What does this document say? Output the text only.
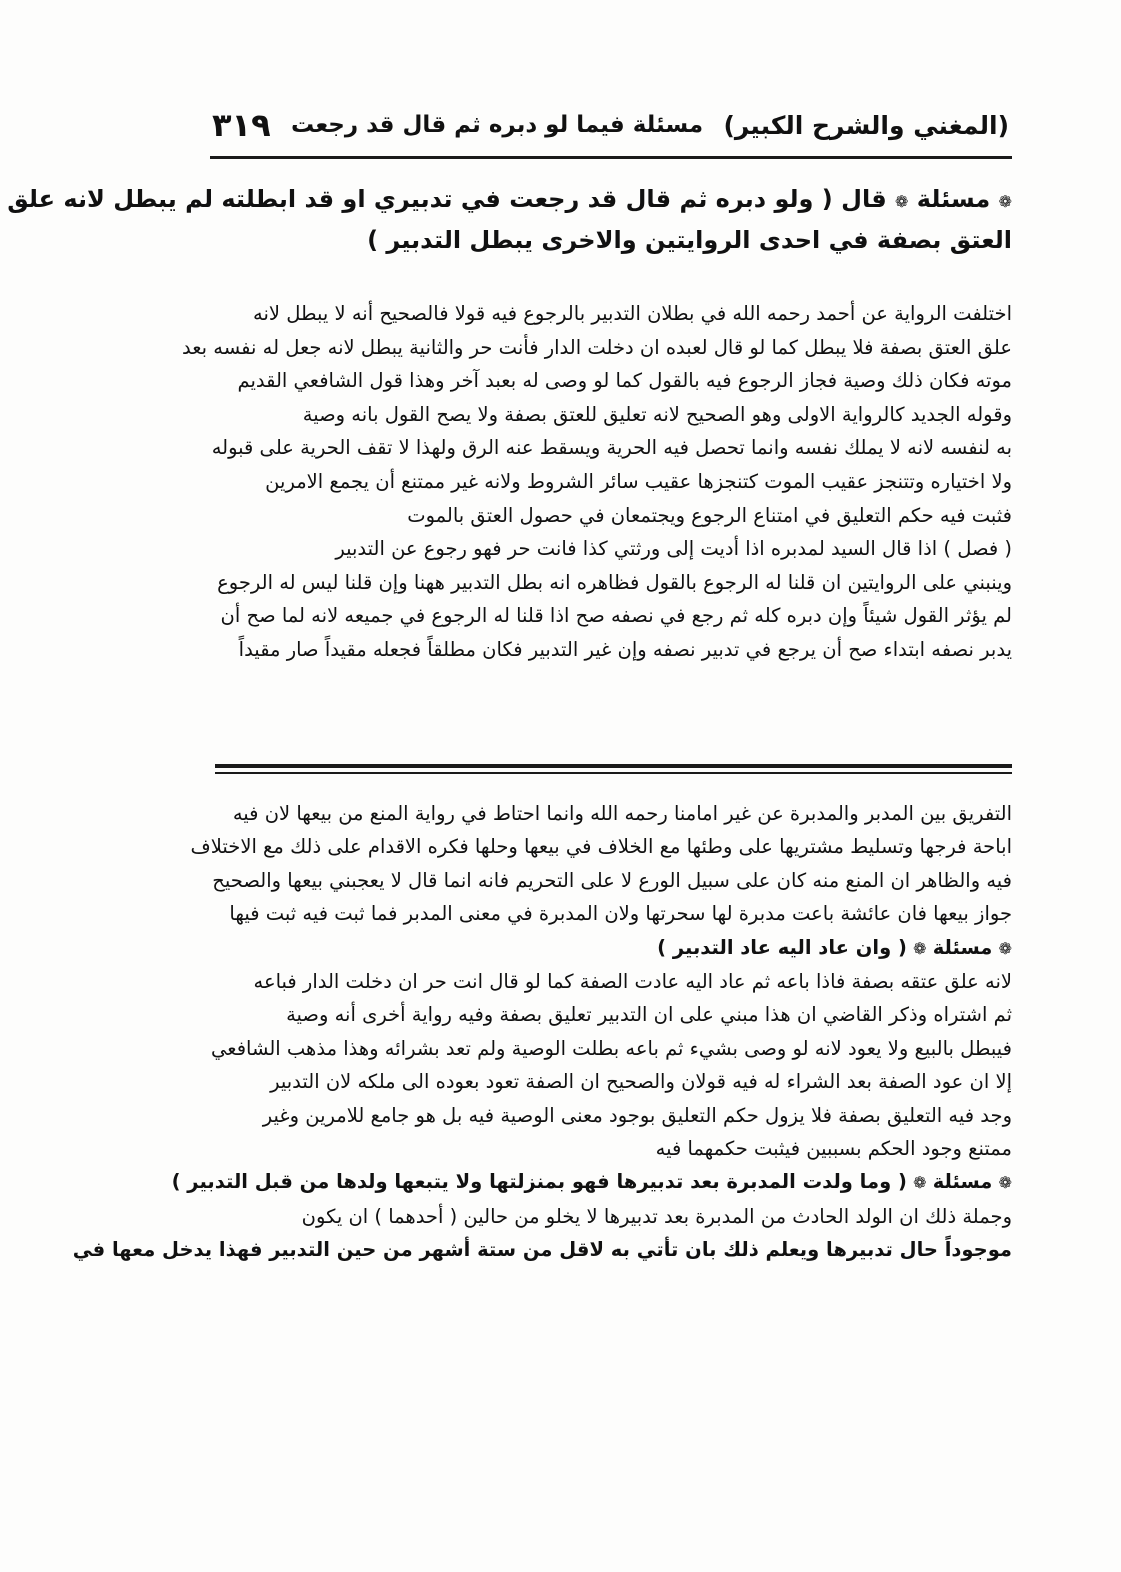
(المغني والشرح الكبير)
مسئلة فيما لو دبره ثم قال قد رجعت
٣١٩
❁ مسئلة ❁ قال ( ولو دبره ثم قال قد رجعت في تدبيري او قد ابطلته لم يبطل لانه علق
العتق بصفة في احدى الروايتين والاخرى يبطل التدبير )
اختلفت الرواية عن أحمد رحمه الله في بطلان التدبير بالرجوع فيه قولا فالصحيح أنه لا يبطل لانه
علق العتق بصفة فلا يبطل كما لو قال لعبده ان دخلت الدار فأنت حر والثانية يبطل لانه جعل له نفسه بعد
موته فكان ذلك وصية فجاز الرجوع فيه بالقول كما لو وصى له بعبد آخر وهذا قول الشافعي القديم
وقوله الجديد كالرواية الاولى وهو الصحيح لانه تعليق للعتق بصفة ولا يصح القول بانه وصية
به لنفسه لانه لا يملك نفسه وانما تحصل فيه الحرية ويسقط عنه الرق ولهذا لا تقف الحرية على قبوله
ولا اختياره وتتنجز عقيب الموت كتنجزها عقيب سائر الشروط ولانه غير ممتنع أن يجمع الامرين
فثبت فيه حكم التعليق في امتناع الرجوع ويجتمعان في حصول العتق بالموت
( فصل ) اذا قال السيد لمدبره اذا أديت إلى ورثتي كذا فانت حر فهو رجوع عن التدبير
وينبني على الروايتين ان قلنا له الرجوع بالقول فظاهره انه بطل التدبير ههنا وإن قلنا ليس له الرجوع
لم يؤثر القول شيئاً وإن دبره كله ثم رجع في نصفه صح اذا قلنا له الرجوع في جميعه لانه لما صح أن
يدبر نصفه ابتداء صح أن يرجع في تدبير نصفه وإن غير التدبير فكان مطلقاً فجعله مقيداً صار مقيداً
التفريق بين المدبر والمدبرة عن غير امامنا رحمه الله وانما احتاط في رواية المنع من بيعها لان فيه
اباحة فرجها وتسليط مشتريها على وطئها مع الخلاف في بيعها وحلها فكره الاقدام على ذلك مع الاختلاف
فيه والظاهر ان المنع منه كان على سبيل الورع لا على التحريم فانه انما قال لا يعجبني بيعها والصحيح
جواز بيعها فان عائشة باعت مدبرة لها سحرتها ولان المدبرة في معنى المدبر فما ثبت فيه ثبت فيها
❁ مسئلة ❁ ( وان عاد اليه عاد التدبير )
لانه علق عتقه بصفة فاذا باعه ثم عاد اليه عادت الصفة كما لو قال انت حر ان دخلت الدار فباعه
ثم اشتراه وذكر القاضي ان هذا مبني على ان التدبير تعليق بصفة وفيه رواية أخرى أنه وصية
فيبطل بالبيع ولا يعود لانه لو وصى بشيء ثم باعه بطلت الوصية ولم تعد بشرائه وهذا مذهب الشافعي
إلا ان عود الصفة بعد الشراء له فيه قولان والصحيح ان الصفة تعود بعوده الى ملكه لان التدبير
وجد فيه التعليق بصفة فلا يزول حكم التعليق بوجود معنى الوصية فيه بل هو جامع للامرين وغير
ممتنع وجود الحكم بسببين فيثبت حكمهما فيه
❁ مسئلة ❁ ( وما ولدت المدبرة بعد تدبيرها فهو بمنزلتها ولا يتبعها ولدها من قبل التدبير )
وجملة ذلك ان الولد الحادث من المدبرة بعد تدبيرها لا يخلو من حالين ( أحدهما ) ان يكون
موجوداً حال تدبيرها ويعلم ذلك بان تأتي به لاقل من ستة أشهر من حين التدبير فهذا يدخل معها في
